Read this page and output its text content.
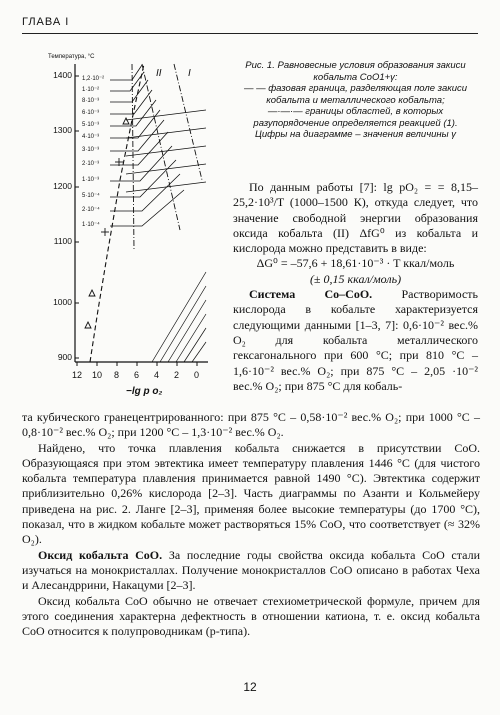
ГЛАВА I
Температура, °С
1400
1300
1200
1100
1000
900
12 10 8 6 4 2 0
−lg p o₂
1,2·10⁻²
1·10⁻²
8·10⁻³
6·10⁻³
5·10⁻³
4·10⁻³
3·10⁻³
2·10⁻³
1·10⁻³
5·10⁻⁴
2·10⁻⁴
1·10⁻⁴
II	I
Рис. 1. Равновесные условия образования закиси кобальта CoO1+γ:
— — фазовая граница, разделяющая поле закиси кобальта и металлического кобальта;
—·—·— границы областей, в которых разупорядочение определяется реакцией (1).
Цифры на диаграмме – значения величины γ

По данным работы [7]: lg pO₂ = = 8,15–25,2·10³/T (1000–1500 К), откуда следует, что значение свободной энергии образования оксида кобальта (II) ΔfG⁰ из кобальта и кислорода можно представить в виде:

ΔG⁰ = –57,6 + 18,61·10⁻³ · T ккал/моль

(± 0,15 ккал/моль)

Система Co–CoO. Растворимость кислорода в кобальте характеризуется следующими данными [1–3, 7]: 0,6·10⁻² вес.% O₂ для кобальта металлического гексагонального при 600 °С; при 810 °С – 1,6·10⁻² вес.% O₂; при 875 °С – 2,05 ·10⁻² вес.% O₂; при 875 °С для кобаль-

та кубического гранецентрированного: при 875 °С – 0,58·10⁻² вес.% O₂; при 1000 °С – 0,8·10⁻² вес.% O₂; при 1200 °С – 1,3·10⁻² вес.% O₂.

Найдено, что точка плавления кобальта снижается в присутствии CoO. Образующаяся при этом эвтектика имеет температуру плавления 1446 °С (для чистого кобальта температура плавления принимается равной 1490 °С). Эвтектика содержит приблизительно 0,26% кислорода [2–3]. Часть диаграммы по Азанти и Кольмейеру приведена на рис. 2. Ланге [2–3], применяя более высокие температуры (до 1700 °С), показал, что в жидком кобальте может растворяться 15% CoO, что соответствует (≈ 32% O₂).

Оксид кобальта CoO. За последние годы свойства оксида кобальта CoO стали изучаться на монокристаллах. Получение монокристаллов CoO описано в работах Чеха и Алесандррини, Накацуми [2–3].

Оксид кобальта CoO обычно не отвечает стехиометрической формуле, причем для этого соединения характерна дефектность в отношении катиона, т. е. оксид кобальта CoO относится к полупроводникам (p-типа).

12
